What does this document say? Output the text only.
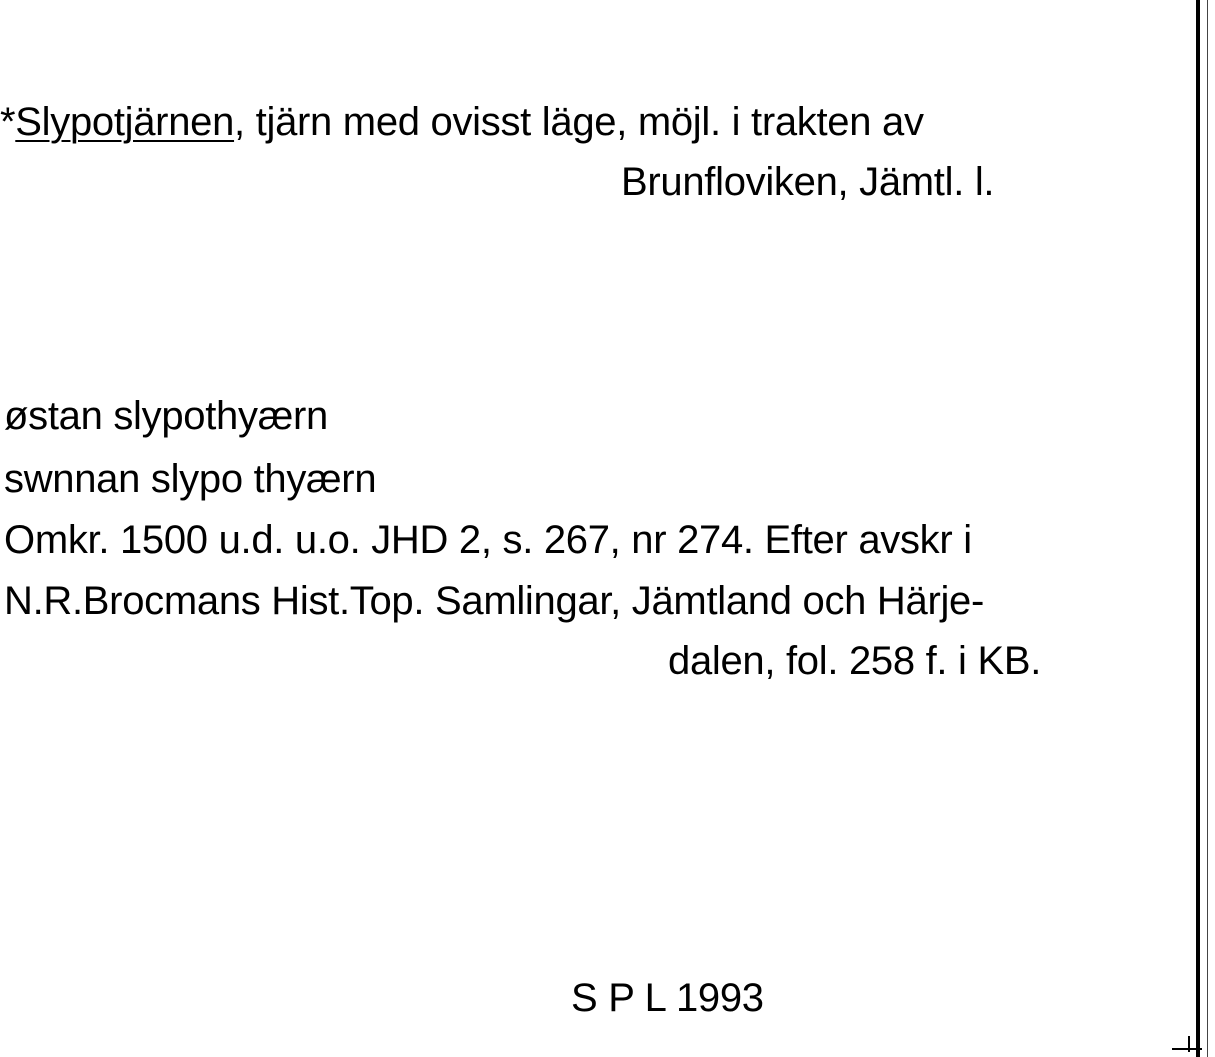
*Slypotjärnen, tjärn med ovisst läge, möjl. i trakten av
Brunfloviken, Jämtl. l.
østan slypothyærn
swnnan slypo thyærn
Omkr. 1500 u.d. u.o. JHD 2, s. 267, nr 274. Efter avskr i
N.R.Brocmans Hist.Top. Samlingar, Jämtland och Härje-
dalen, fol. 258 f. i KB.
S P L 1993
